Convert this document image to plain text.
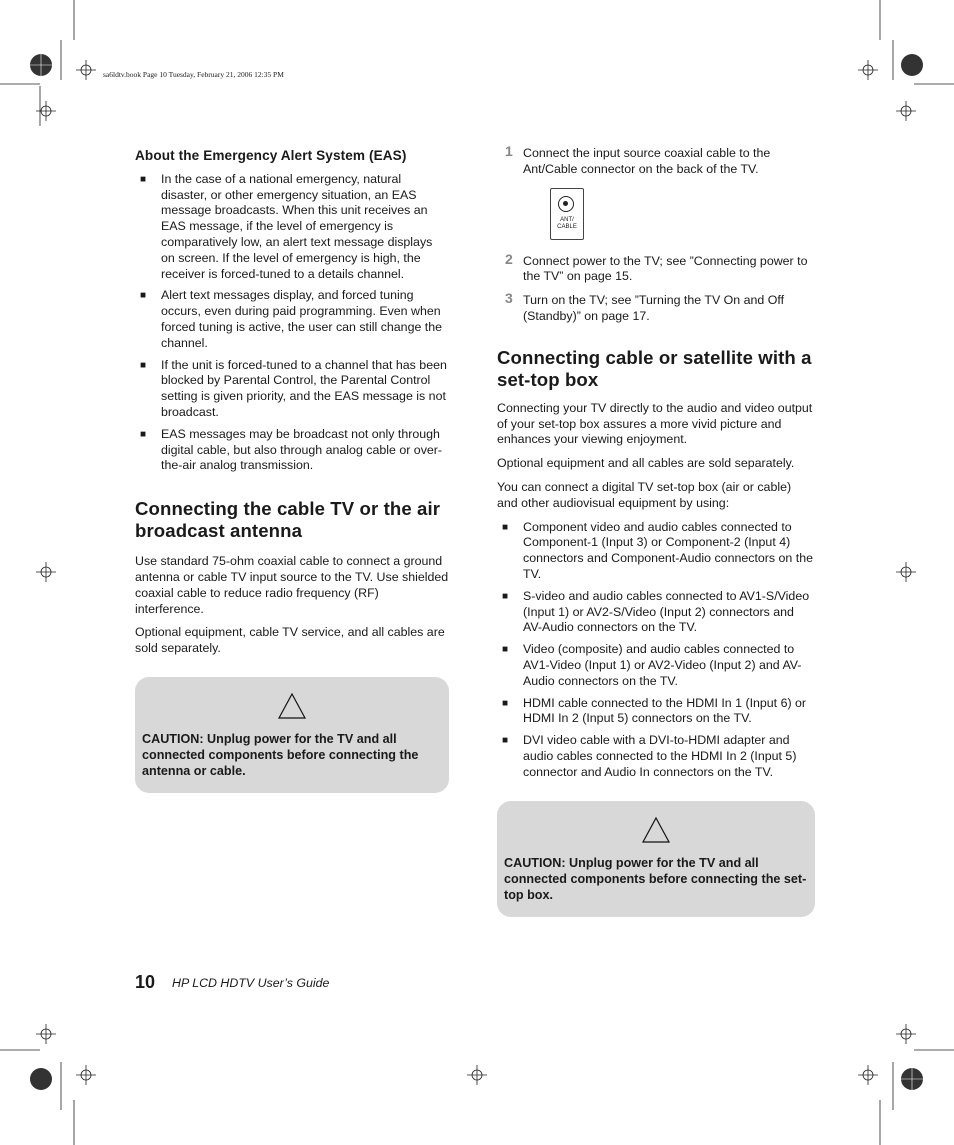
sa6ldtv.book Page 10 Tuesday, February 21, 2006 12:35 PM
About the Emergency Alert System (EAS)
■ In the case of a national emergency, natural disaster, or other emergency situation, an EAS message broadcasts. When this unit receives an EAS message, if the level of emergency is comparatively low, an alert text message displays on screen. If the level of emergency is high, the receiver is forced-tuned to a details channel.
■ Alert text messages display, and forced tuning occurs, even during paid programming. Even when forced tuning is active, the user can still change the channel.
■ If the unit is forced-tuned to a channel that has been blocked by Parental Control, the Parental Control setting is given priority, and the EAS message is not broadcast.
■ EAS messages may be broadcast not only through digital cable, but also through analog cable or over-the-air analog transmission.
Connecting the cable TV or the air broadcast antenna

Use standard 75-ohm coaxial cable to connect a ground antenna or cable TV input source to the TV. Use shielded coaxial cable to reduce radio frequency (RF) interference.

Optional equipment, cable TV service, and all cables are sold separately.

CAUTION: Unplug power for the TV and all connected components before connecting the antenna or cable.
1 Connect the input source coaxial cable to the Ant/Cable connector on the back of the TV.
ANT/
CABLE
2 Connect power to the TV; see ”Connecting power to the TV” on page 15.
3 Turn on the TV; see ”Turning the TV On and Off (Standby)” on page 17.
Connecting cable or satellite with a set-top box

Connecting your TV directly to the audio and video output of your set-top box assures a more vivid picture and enhances your viewing enjoyment.

Optional equipment and all cables are sold separately.

You can connect a digital TV set-top box (air or cable) and other audiovisual equipment by using:

■ Component video and audio cables connected to Component-1 (Input 3) or Component-2 (Input 4) connectors and Component-Audio connectors on the TV.
■ S-video and audio cables connected to AV1-S/Video (Input 1) or AV2-S/Video (Input 2) connectors and AV-Audio connectors on the TV.
■ Video (composite) and audio cables connected to AV1-Video (Input 1) or AV2-Video (Input 2) and AV-Audio connectors on the TV.
■ HDMI cable connected to the HDMI In 1 (Input 6) or HDMI In 2 (Input 5) connectors on the TV.
■ DVI video cable with a DVI-to-HDMI adapter and audio cables connected to the HDMI In 2 (Input 5) connector and Audio In connectors on the TV.
CAUTION: Unplug power for the TV and all connected components before connecting the set-top box.
10 HP LCD HDTV User’s Guide
